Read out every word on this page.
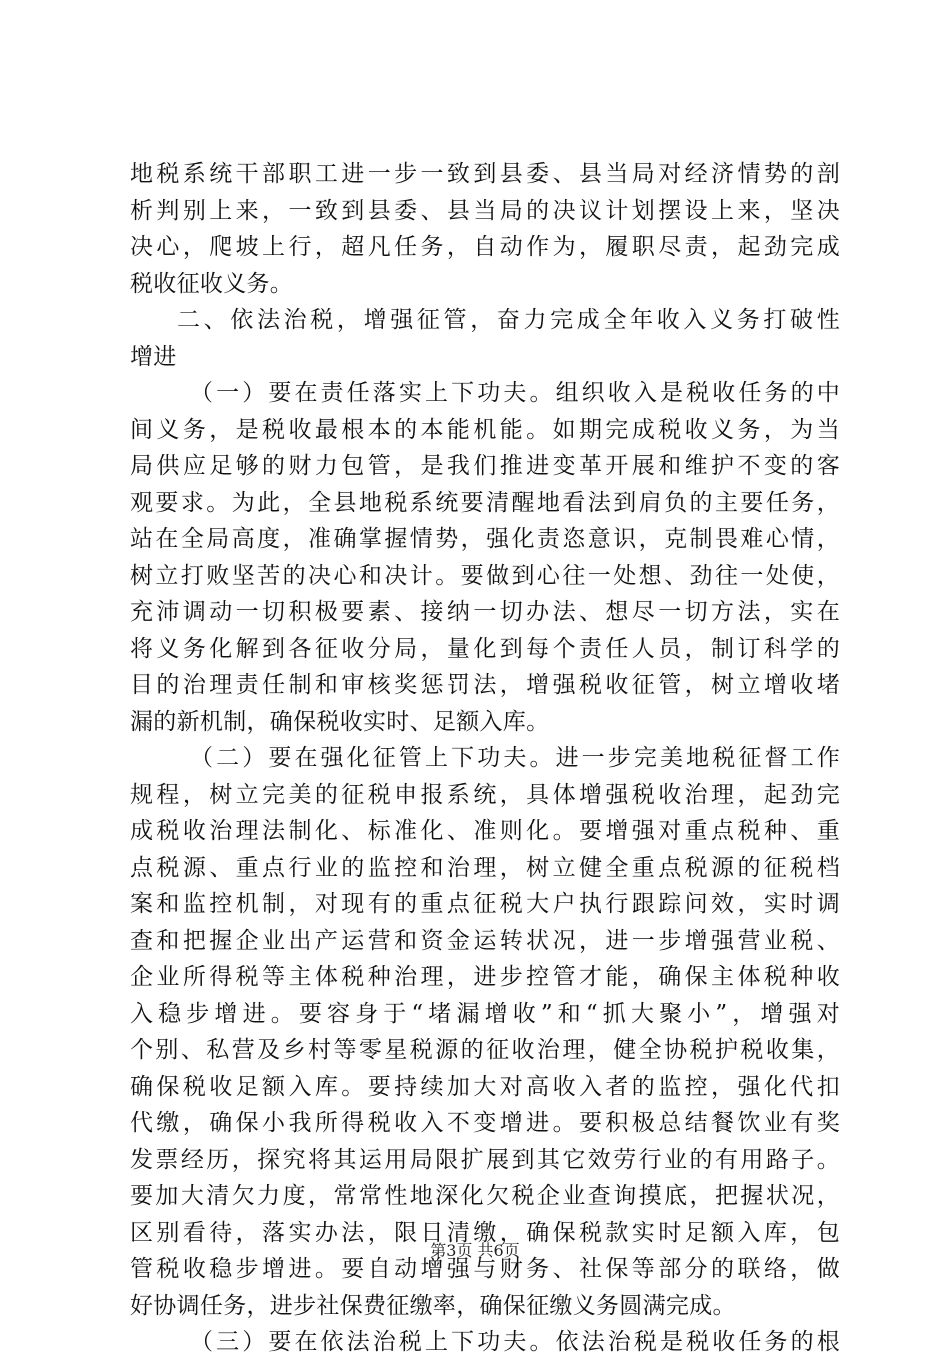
地税系统干部职工进一步一致到县委、县当局对经济情势的剖
析判别上来，一致到县委、县当局的决议计划摆设上来，坚决
决心，爬坡上行，超凡任务，自动作为，履职尽责，起劲完成
税收征收义务。
二、依法治税，增强征管，奋力完成全年收入义务打破性
增进
（一）要在责任落实上下功夫。组织收入是税收任务的中
间义务，是税收最根本的本能机能。如期完成税收义务，为当
局供应足够的财力包管，是我们推进变革开展和维护不变的客
观要求。为此，全县地税系统要清醒地看法到肩负的主要任务，
站在全局高度，准确掌握情势，强化责恣意识，克制畏难心情，
树立打败坚苦的决心和决计。要做到心往一处想、劲往一处使，
充沛调动一切积极要素、接纳一切办法、想尽一切方法，实在
将义务化解到各征收分局，量化到每个责任人员，制订科学的
目的治理责任制和审核奖惩罚法，增强税收征管，树立增收堵
漏的新机制，确保税收实时、足额入库。
（二）要在强化征管上下功夫。进一步完美地税征督工作
规程，树立完美的征税申报系统，具体增强税收治理，起劲完
成税收治理法制化、标准化、准则化。要增强对重点税种、重
点税源、重点行业的监控和治理，树立健全重点税源的征税档
案和监控机制，对现有的重点征税大户执行跟踪问效，实时调
查和把握企业出产运营和资金运转状况，进一步增强营业税、
企业所得税等主体税种治理，进步控管才能，确保主体税种收
入稳步增进。要容身于“堵漏增收”和“抓大聚小”，增强对
个别、私营及乡村等零星税源的征收治理，健全协税护税收集，
确保税收足额入库。要持续加大对高收入者的监控，强化代扣
代缴，确保小我所得税收入不变增进。要积极总结餐饮业有奖
发票经历，探究将其运用局限扩展到其它效劳行业的有用路子。
要加大清欠力度，常常性地深化欠税企业查询摸底，把握状况，
区别看待，落实办法，限日清缴，确保税款实时足额入库，包
管税收稳步增进。要自动增强与财务、社保等部分的联络，做
好协调任务，进步社保费征缴率，确保征缴义务圆满完成。
（三）要在依法治税上下功夫。依法治税是税收任务的根
第3页 共6页
